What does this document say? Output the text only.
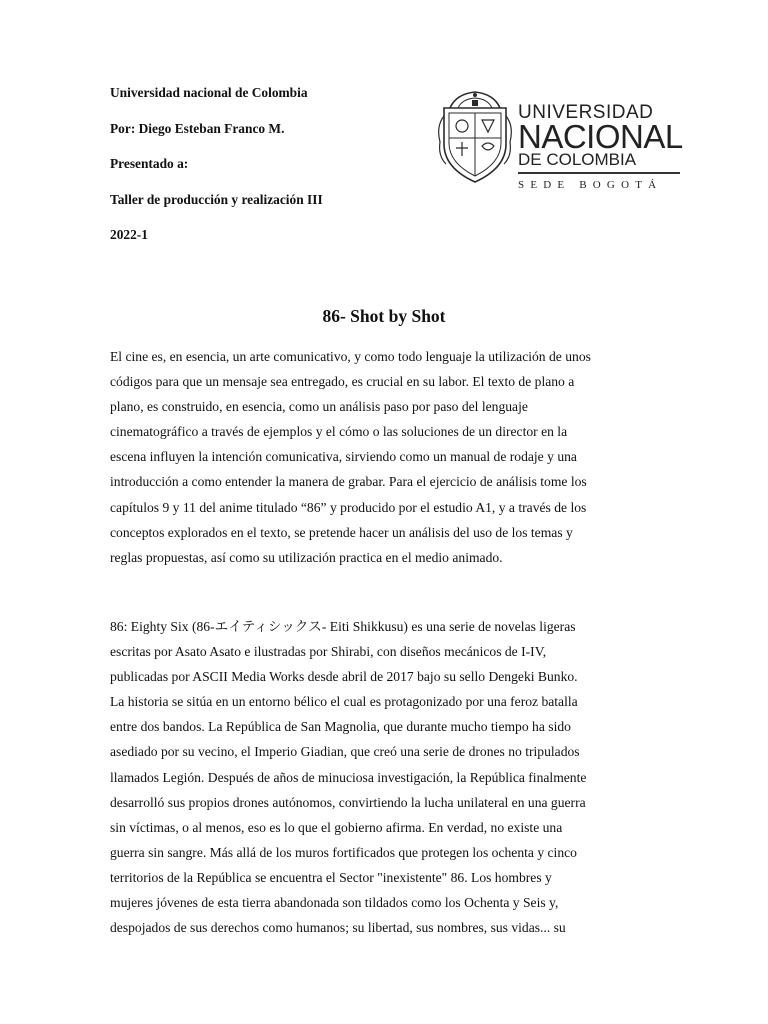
Universidad nacional de Colombia
Por: Diego Esteban Franco M.
Presentado a:
Taller de producción y realización III
2022-1
UNIVERSIDAD
NACIONAL
DE COLOMBIA
SEDE BOGOTÁ
86- Shot by Shot
El cine es, en esencia, un arte comunicativo, y como todo lenguaje la utilización de unos
códigos para que un mensaje sea entregado, es crucial en su labor. El texto de plano a
plano, es construido, en esencia, como un análisis paso por paso del lenguaje
cinematográfico a través de ejemplos y el cómo o las soluciones de un director en la
escena influyen la intención comunicativa, sirviendo como un manual de rodaje y una
introducción a como entender la manera de grabar. Para el ejercicio de análisis tome los
capítulos 9 y 11 del anime titulado “86” y producido por el estudio A1, y a través de los
conceptos explorados en el texto, se pretende hacer un análisis del uso de los temas y
reglas propuestas, así como su utilización practica en el medio animado.
86: Eighty Six (86-エイティシックス- Eiti Shikkusu) es una serie de novelas ligeras
escritas por Asato Asato e ilustradas por Shirabi, con diseños mecánicos de I-IV,
publicadas por ASCII Media Works desde abril de 2017 bajo su sello Dengeki Bunko.
La historia se sitúa en un entorno bélico el cual es protagonizado por una feroz batalla
entre dos bandos. La República de San Magnolia, que durante mucho tiempo ha sido
asediado por su vecino, el Imperio Giadian, que creó una serie de drones no tripulados
llamados Legión. Después de años de minuciosa investigación, la República finalmente
desarrolló sus propios drones autónomos, convirtiendo la lucha unilateral en una guerra
sin víctimas, o al menos, eso es lo que el gobierno afirma. En verdad, no existe una
guerra sin sangre. Más allá de los muros fortificados que protegen los ochenta y cinco
territorios de la República se encuentra el Sector "inexistente" 86. Los hombres y
mujeres jóvenes de esta tierra abandonada son tildados como los Ochenta y Seis y,
despojados de sus derechos como humanos; su libertad, sus nombres, sus vidas... su
